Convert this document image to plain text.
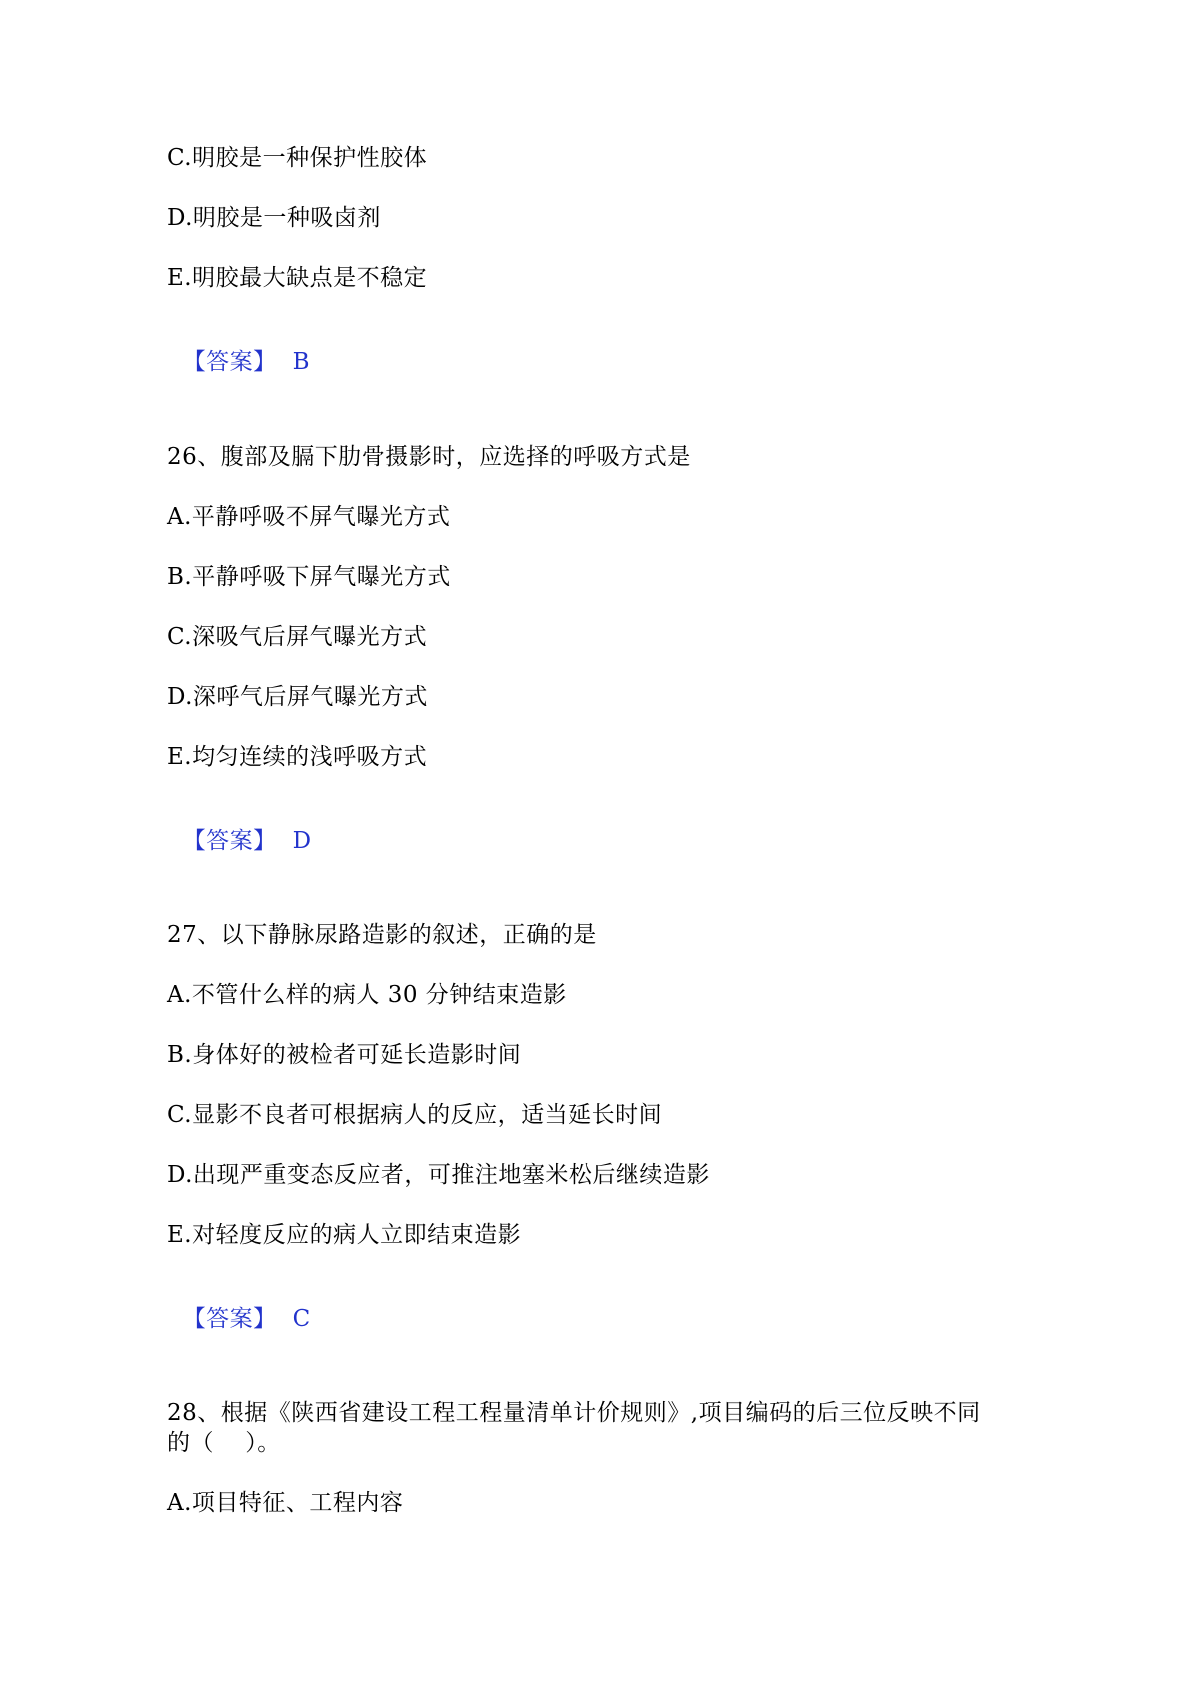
C.明胶是一种保护性胶体
D.明胶是一种吸卤剂
E.明胶最大缺点是不稳定

【答案】 B

26、腹部及膈下肋骨摄影时，应选择的呼吸方式是
A.平静呼吸不屏气曝光方式
B.平静呼吸下屏气曝光方式
C.深吸气后屏气曝光方式
D.深呼气后屏气曝光方式
E.均匀连续的浅呼吸方式

【答案】 D

27、以下静脉尿路造影的叙述，正确的是
A.不管什么样的病人 30 分钟结束造影
B.身体好的被检者可延长造影时间
C.显影不良者可根据病人的反应，适当延长时间
D.出现严重变态反应者，可推注地塞米松后继续造影
E.对轻度反应的病人立即结束造影

【答案】 C

28、根据《陕西省建设工程工程量清单计价规则》,项目编码的后三位反映不同
的（    ）。
A.项目特征、工程内容
